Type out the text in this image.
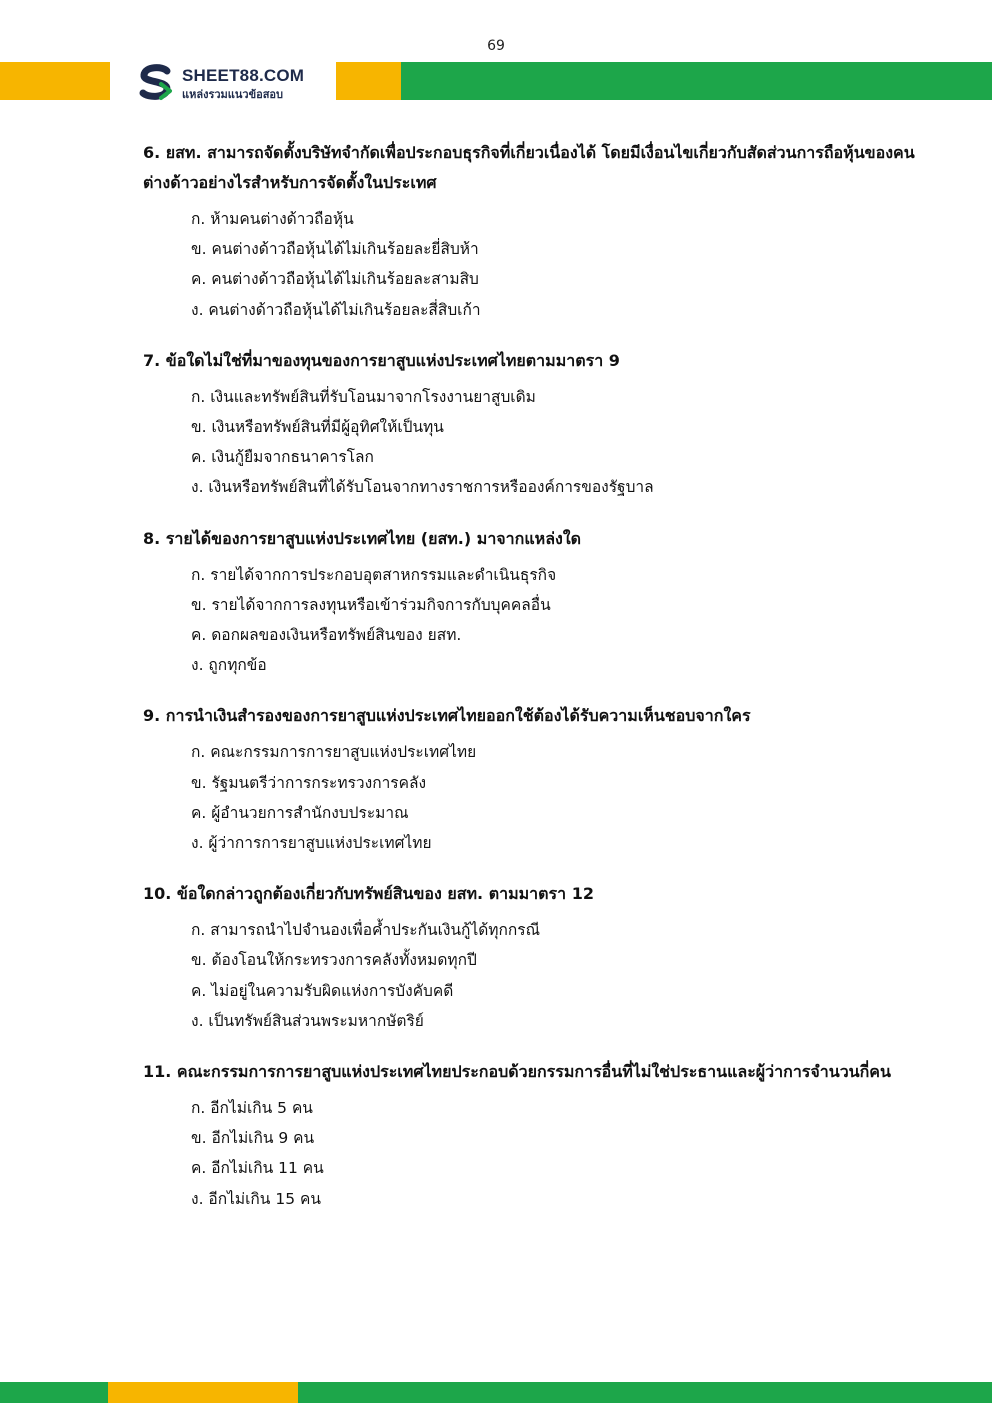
69
SHEET88.COM
แหล่งรวมแนวข้อสอบ

6. ยสท. สามารถจัดตั้งบริษัทจำกัดเพื่อประกอบธุรกิจที่เกี่ยวเนื่องได้ โดยมีเงื่อนไขเกี่ยวกับสัดส่วนการถือหุ้นของคนต่างด้าวอย่างไรสำหรับการจัดตั้งในประเทศ

ก. ห้ามคนต่างด้าวถือหุ้น
ข. คนต่างด้าวถือหุ้นได้ไม่เกินร้อยละยี่สิบห้า
ค. คนต่างด้าวถือหุ้นได้ไม่เกินร้อยละสามสิบ
ง. คนต่างด้าวถือหุ้นได้ไม่เกินร้อยละสี่สิบเก้า

7. ข้อใดไม่ใช่ที่มาของทุนของการยาสูบแห่งประเทศไทยตามมาตรา 9

ก. เงินและทรัพย์สินที่รับโอนมาจากโรงงานยาสูบเดิม
ข. เงินหรือทรัพย์สินที่มีผู้อุทิศให้เป็นทุน
ค. เงินกู้ยืมจากธนาคารโลก
ง. เงินหรือทรัพย์สินที่ได้รับโอนจากทางราชการหรือองค์การของรัฐบาล

8. รายได้ของการยาสูบแห่งประเทศไทย (ยสท.) มาจากแหล่งใด

ก. รายได้จากการประกอบอุตสาหกรรมและดำเนินธุรกิจ
ข. รายได้จากการลงทุนหรือเข้าร่วมกิจการกับบุคคลอื่น
ค. ดอกผลของเงินหรือทรัพย์สินของ ยสท.
ง. ถูกทุกข้อ

9. การนำเงินสำรองของการยาสูบแห่งประเทศไทยออกใช้ต้องได้รับความเห็นชอบจากใคร

ก. คณะกรรมการการยาสูบแห่งประเทศไทย
ข. รัฐมนตรีว่าการกระทรวงการคลัง
ค. ผู้อำนวยการสำนักงบประมาณ
ง. ผู้ว่าการการยาสูบแห่งประเทศไทย

10. ข้อใดกล่าวถูกต้องเกี่ยวกับทรัพย์สินของ ยสท. ตามมาตรา 12

ก. สามารถนำไปจำนองเพื่อค้ำประกันเงินกู้ได้ทุกกรณี
ข. ต้องโอนให้กระทรวงการคลังทั้งหมดทุกปี
ค. ไม่อยู่ในความรับผิดแห่งการบังคับคดี
ง. เป็นทรัพย์สินส่วนพระมหากษัตริย์

11. คณะกรรมการการยาสูบแห่งประเทศไทยประกอบด้วยกรรมการอื่นที่ไม่ใช่ประธานและผู้ว่าการจำนวนกี่คน

ก. อีกไม่เกิน 5 คน
ข. อีกไม่เกิน 9 คน
ค. อีกไม่เกิน 11 คน
ง. อีกไม่เกิน 15 คน
